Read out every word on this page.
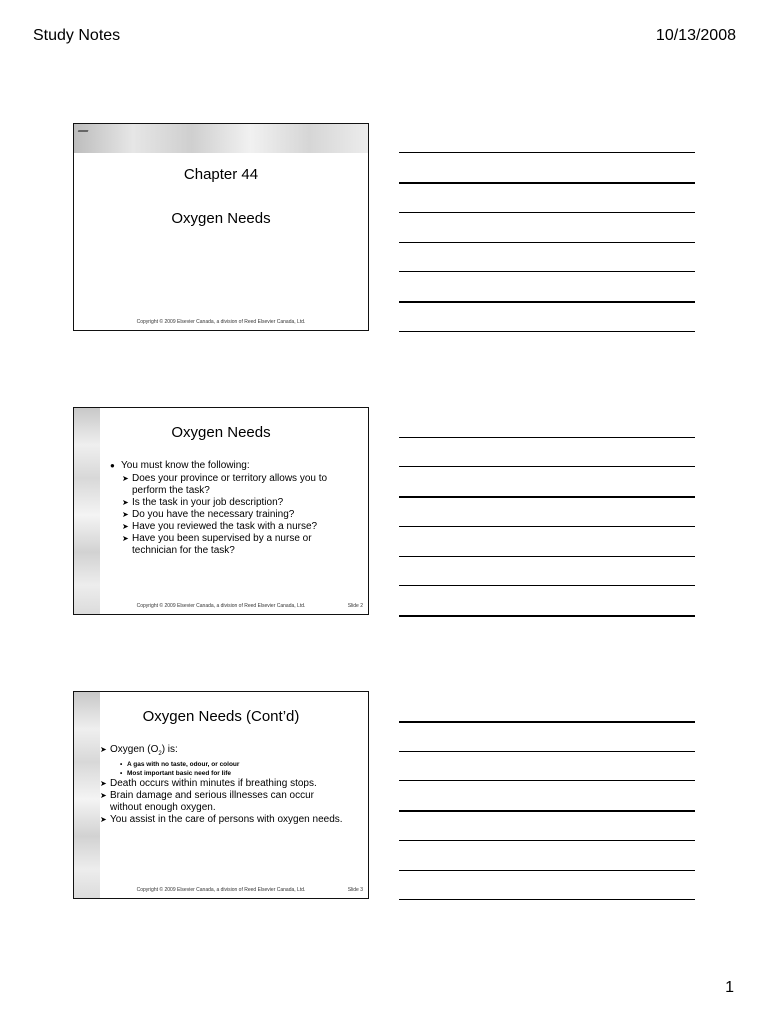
Study Notes	10/13/2008
Chapter 44
Oxygen Needs
Copyright © 2009 Elsevier Canada, a division of Reed Elsevier Canada, Ltd.
Oxygen Needs
● You must know the following:
➤ Does your province or territory allows you to perform the task?
➤ Is the task in your job description?
➤ Do you have the necessary training?
➤ Have you reviewed the task with a nurse?
➤ Have you been supervised by a nurse or technician for the task?
Copyright © 2009 Elsevier Canada, a division of Reed Elsevier Canada, Ltd.	Slide 2
Oxygen Needs (Cont’d)
➤ Oxygen $(O_2)$ is:
• A gas with no taste, odour, or colour
• Most important basic need for life
➤ Death occurs within minutes if breathing stops.
➤ Brain damage and serious illnesses can occur without enough oxygen.
➤ You assist in the care of persons with oxygen needs.
Copyright © 2009 Elsevier Canada, a division of Reed Elsevier Canada, Ltd.	Slide 3
1
